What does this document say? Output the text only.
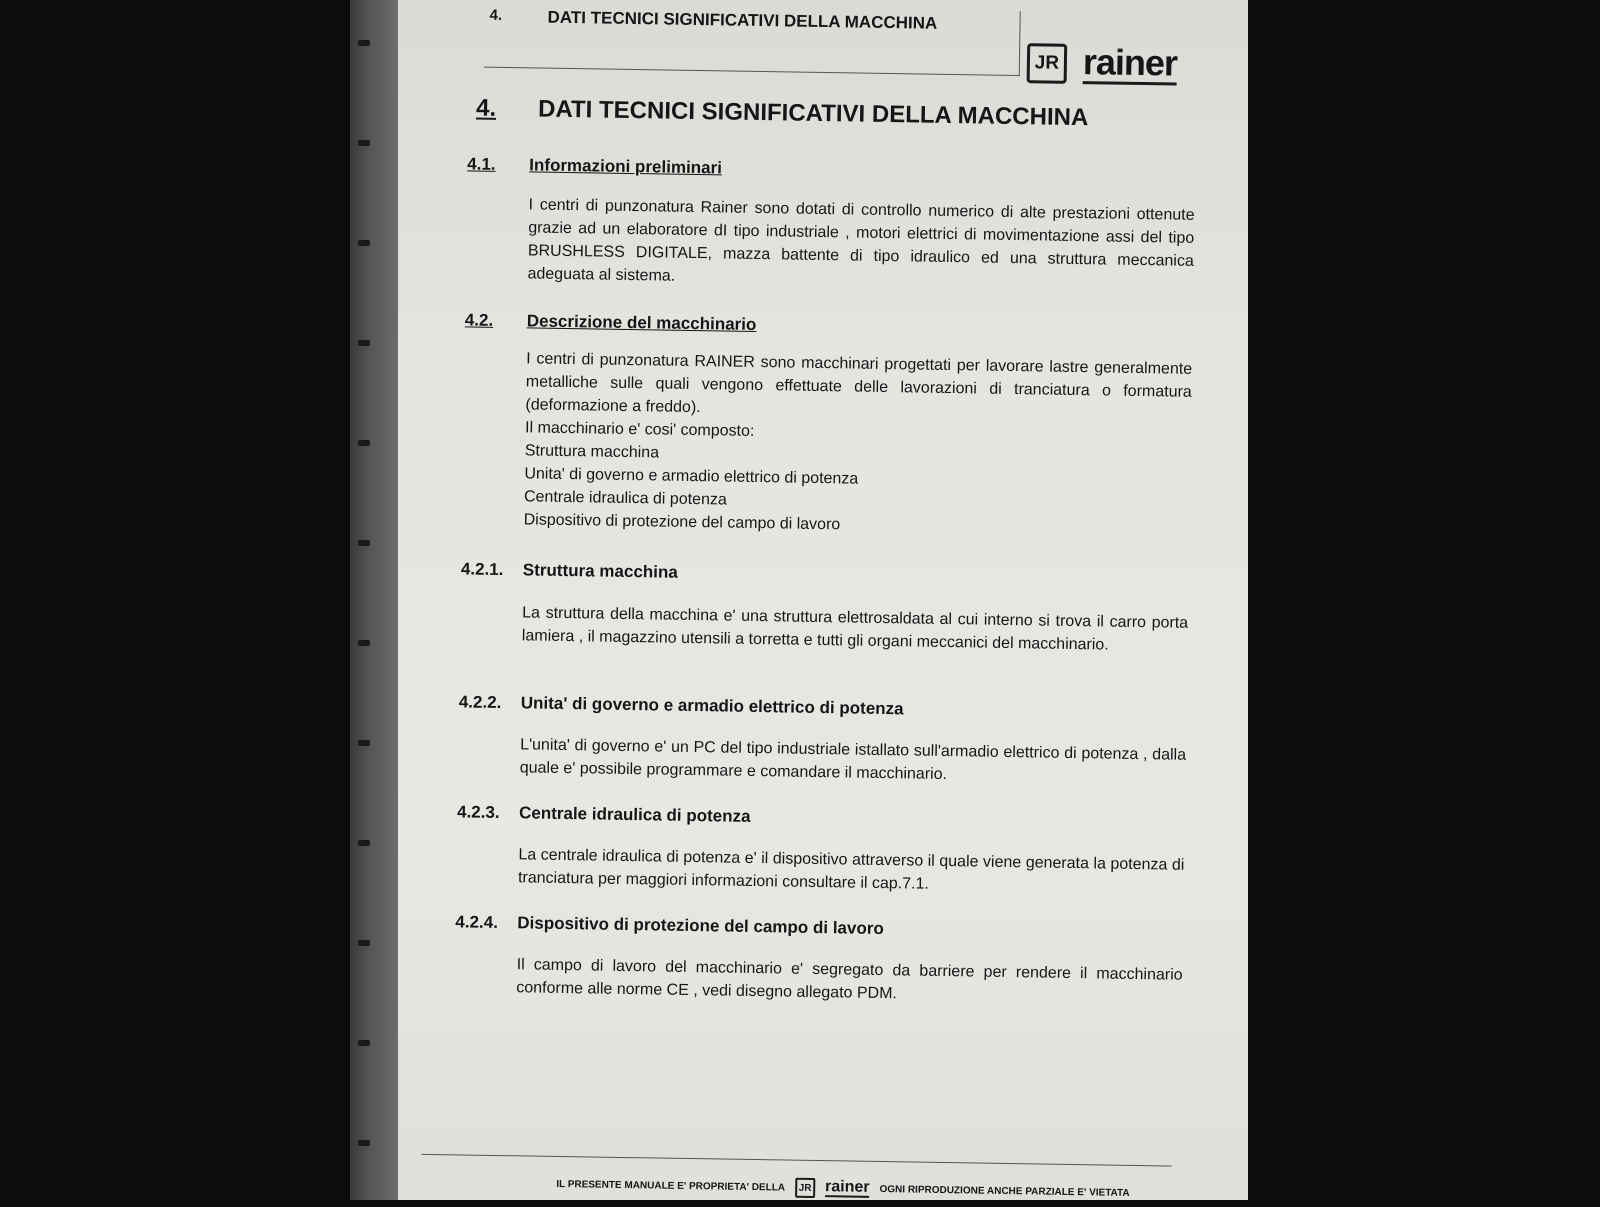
4.	DATI TECNICI SIGNIFICATIVI DELLA MACCHINA
JR rainer
4. DATI TECNICI SIGNIFICATIVI DELLA MACCHINA
4.1. Informazioni preliminari

I centri di punzonatura Rainer sono dotati di controllo numerico di alte prestazioni ottenute grazie ad un elaboratore dI tipo industriale , motori elettrici di movimentazione assi del tipo BRUSHLESS DIGITALE, mazza battente di tipo idraulico ed una struttura meccanica adeguata al sistema.

4.2. Descrizione del macchinario

I centri di punzonatura RAINER sono macchinari progettati per lavorare lastre generalmente metalliche sulle quali vengono effettuate delle lavorazioni di tranciatura o formatura (deformazione a freddo).

Il macchinario e' cosi' composto:
Struttura macchina
Unita' di governo e armadio elettrico di potenza
Centrale idraulica di potenza
Dispositivo di protezione del campo di lavoro
4.2.1. Struttura macchina

La struttura della macchina e' una struttura elettrosaldata al cui interno si trova il carro porta lamiera , il magazzino utensili a torretta e tutti gli organi meccanici del macchinario.

4.2.2. Unita' di governo e armadio elettrico di potenza

L'unita' di governo e' un PC del tipo industriale istallato sull'armadio elettrico di potenza , dalla quale e' possibile programmare e comandare il macchinario.

4.2.3. Centrale idraulica di potenza

La centrale idraulica di potenza e' il dispositivo attraverso il quale viene generata la potenza di tranciatura per maggiori informazioni consultare il cap.7.1.

4.2.4. Dispositivo di protezione del campo di lavoro

Il campo di lavoro del macchinario e' segregato da barriere per rendere il macchinario conforme alle norme CE , vedi disegno allegato PDM.

IL PRESENTE MANUALE E' PROPRIETA' DELLA	JR rainer OGNI RIPRODUZIONE ANCHE PARZIALE E' VIETATA
